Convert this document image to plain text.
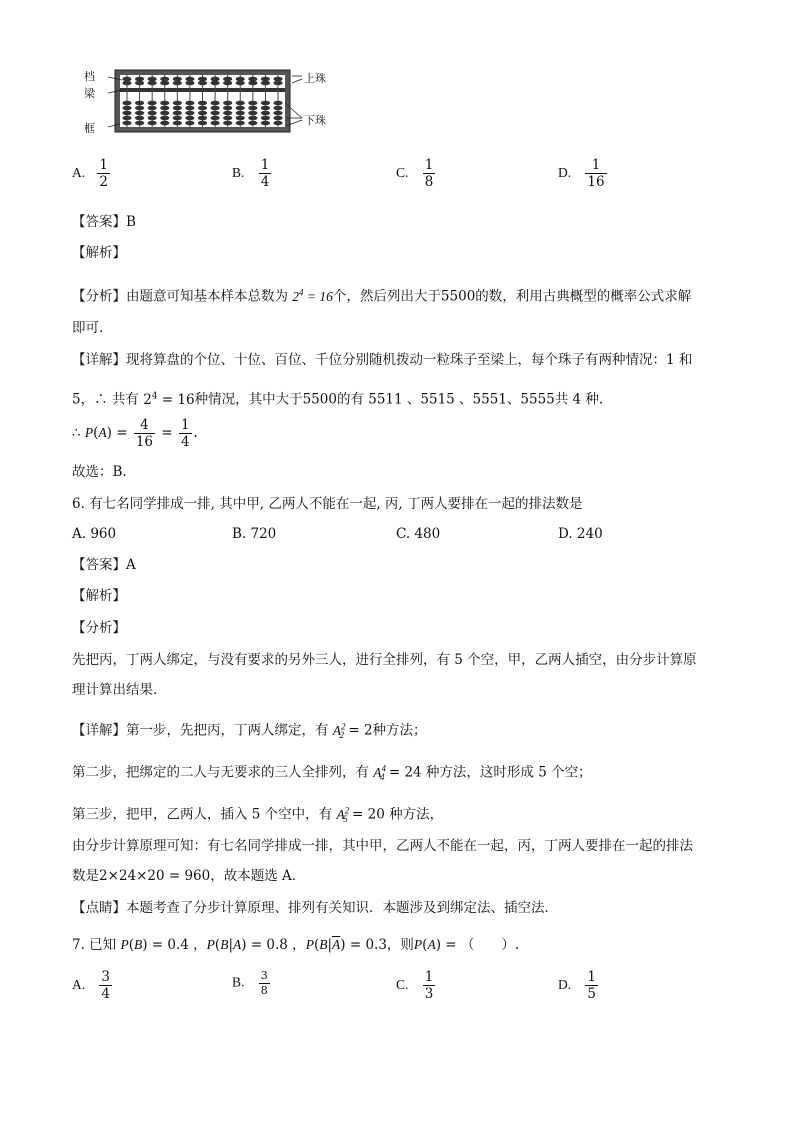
档
梁
框
上珠
下珠
A. $\frac{1}{2}$	B. $\frac{1}{4}$	C. $\frac{1}{8}$	D. $\frac{1}{16}$
【答案】B
【解析】
【分析】由题意可知基本样本总数为 $2^4 = 16$个，然后列出大于5500的数，利用古典概型的概率公式求解
即可.
【详解】现将算盘的个位、十位、百位、千位分别随机拨动一粒珠子至梁上，每个珠子有两种情况：1 和
5，∴ 共有 $2^4 = 16$种情况，其中大于5500的有 5511 、5515 、5551、5555共 4 种.
∴ $P(A) = \frac{4}{16} = \frac{1}{4}$ .
故选：B.
6. 有七名同学排成一排, 其中甲, 乙两人不能在一起, 丙, 丁两人要排在一起的排法数是
A. 960	B. 720	C. 480	D. 240
【答案】A
【解析】
【分析】
先把丙，丁两人绑定，与没有要求的另外三人，进行全排列，有 5 个空，甲，乙两人插空，由分步计算原
理计算出结果．
【详解】第一步，先把丙，丁两人绑定，有 $A^2_2 = 2$种方法；
第二步，把绑定的二人与无要求的三人全排列，有 $A^4_4 = 24$ 种方法，这时形成 5 个空；
第三步，把甲，乙两人，插入 5 个空中，有 $A^2_5 = 20$ 种方法，
由分步计算原理可知：有七名同学排成一排，其中甲，乙两人不能在一起，丙，丁两人要排在一起的排法
数是2×24×20 = 960，故本题选 A．
【点睛】本题考查了分步计算原理、排列有关知识．本题涉及到绑定法、插空法．
7. 已知 P(B) = 0.4 ，P(B|A) = 0.8 ，$P(B|\overline{A}) = 0.3$，则P(A) = （　　）.
A. $\frac{3}{4}$	B. $\frac{3}{8}$	C. $\frac{1}{3}$	D. $\frac{1}{5}$
